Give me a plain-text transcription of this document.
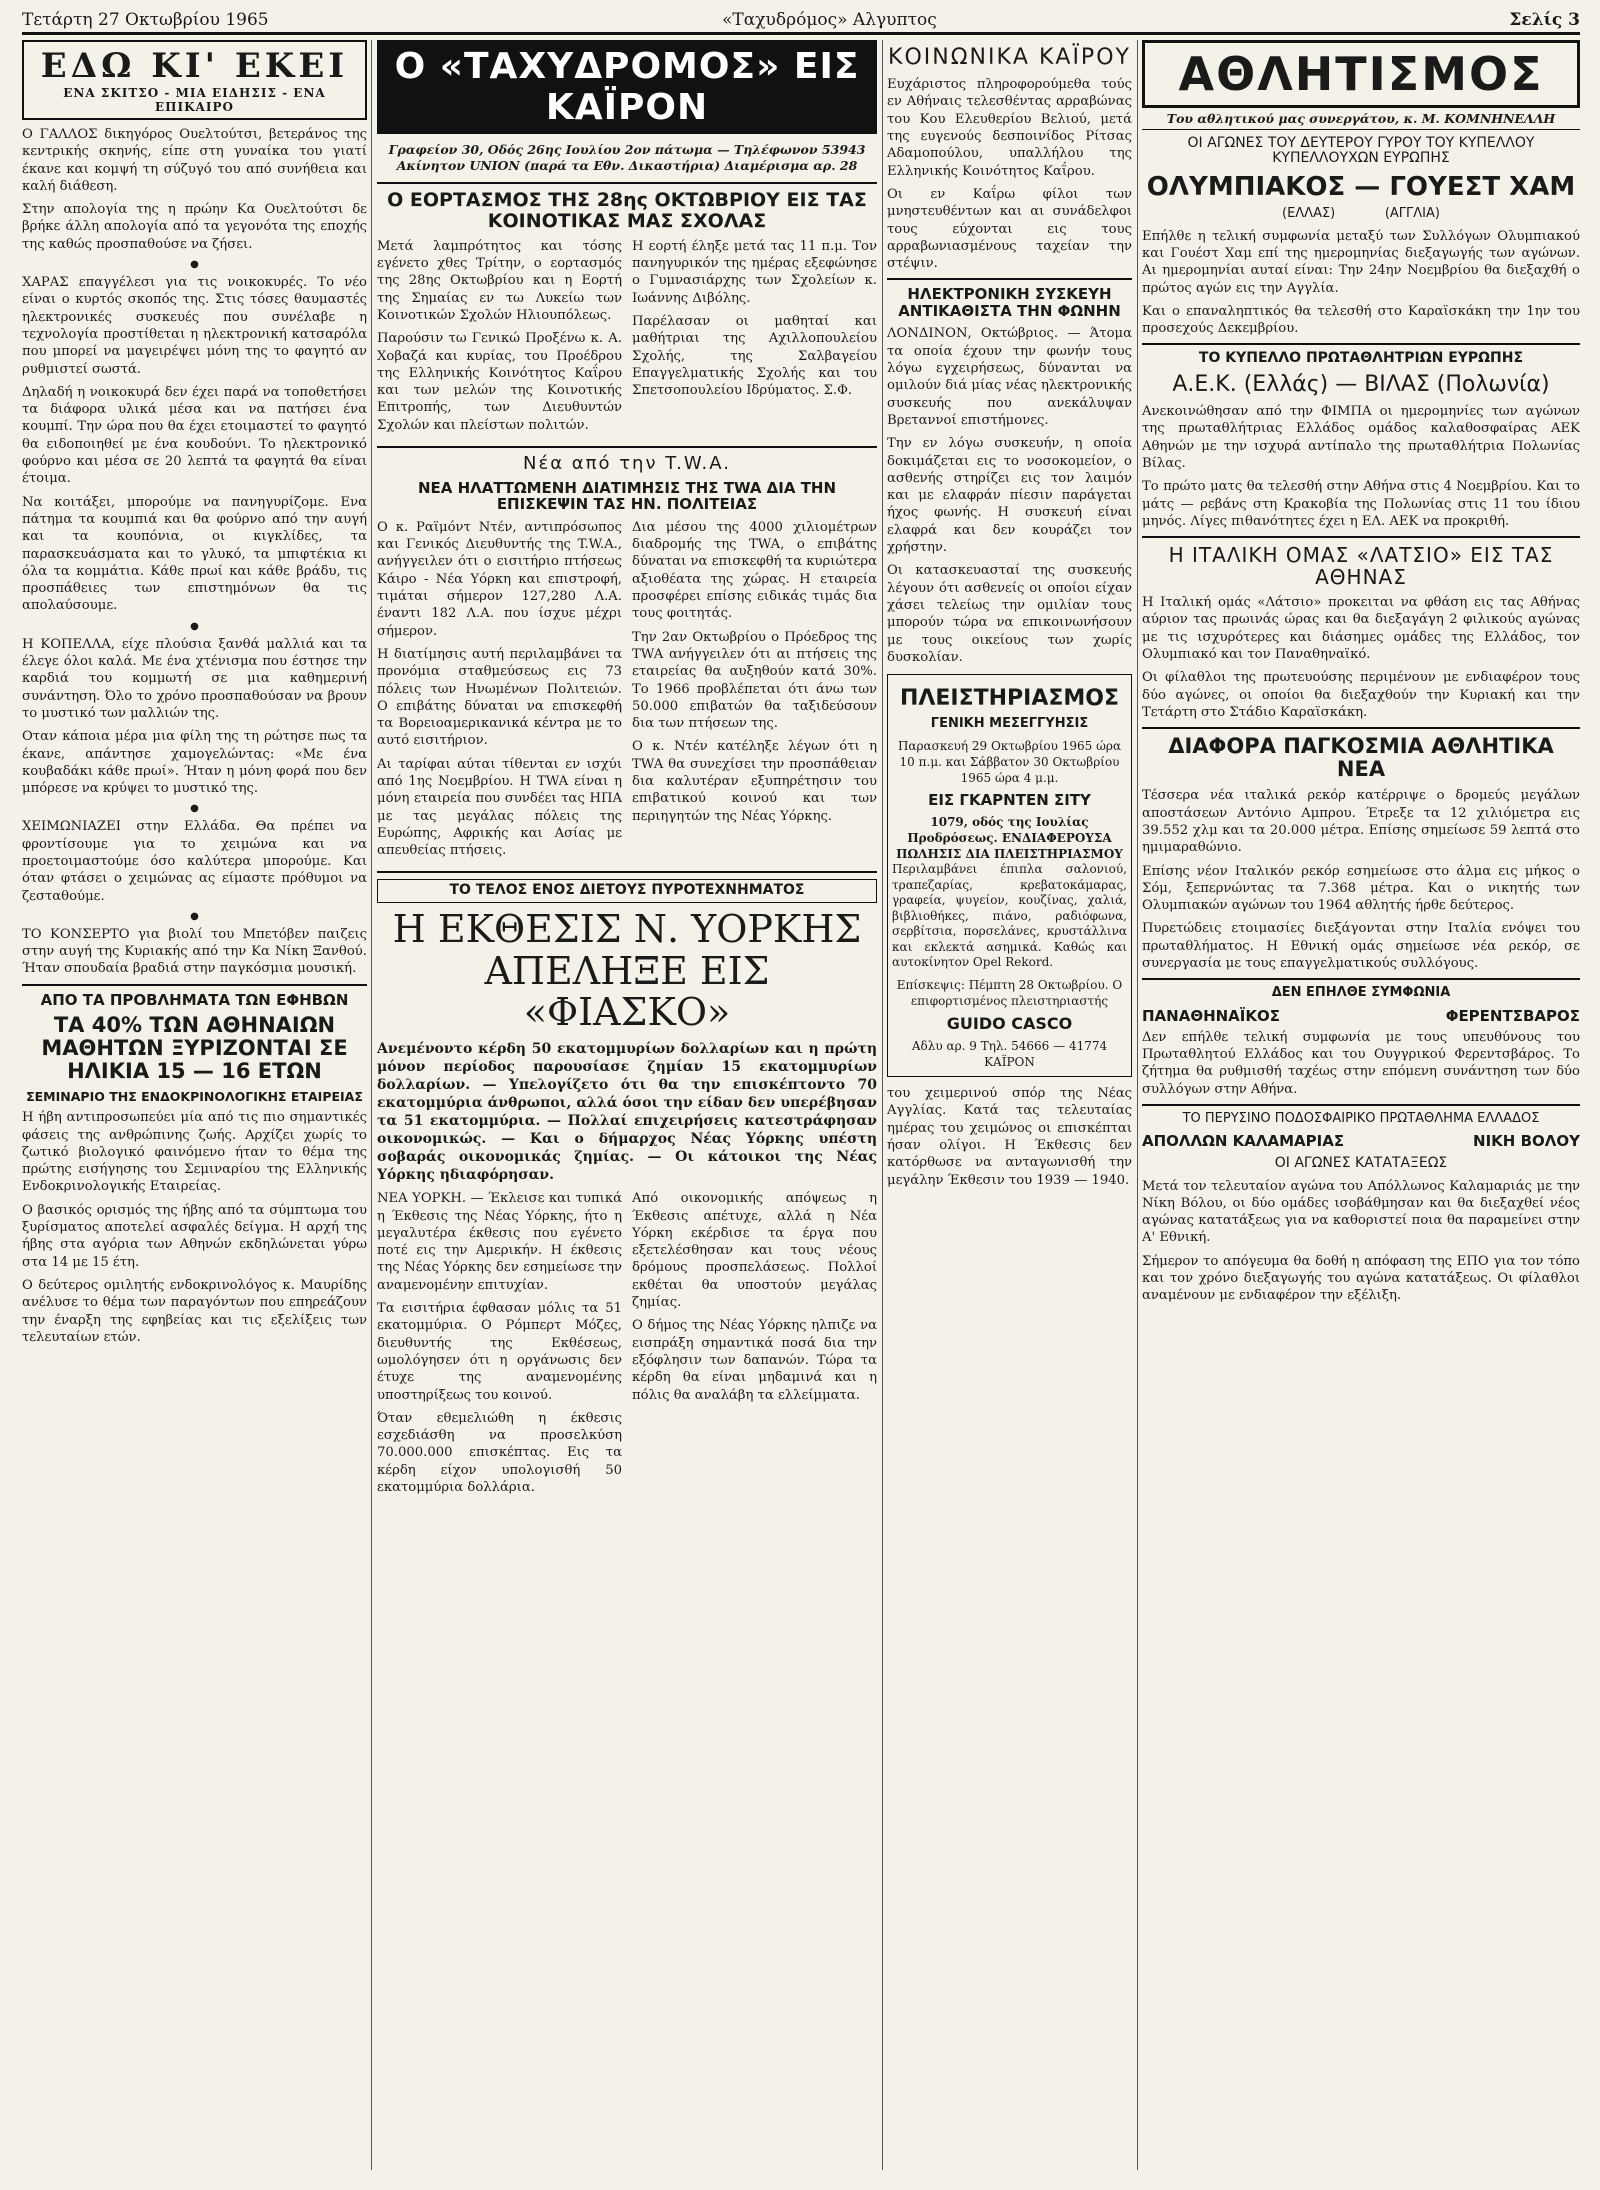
Τετάρτη 27 Οκτωβρίου 1965	«Ταχυδρόμος» Αλγυπτος	Σελίς 3
ΕΔΩ ΚΙ' ΕΚΕΙ
ΕΝΑ ΣΚΙΤΣΟ - ΜΙΑ ΕΙΔΗΣΙΣ - ΕΝΑ ΕΠΙΚΑΙΡΟ

Ο ΓΑΛΛΟΣ δικηγόρος Ουελτούτσι, βετεράνος της κεντρικής σκηνής, είπε στη γυναίκα του γιατί έκανε και κομψή τη σύζυγό του από συνήθεια και καλή διάθεση.

Στην απολογία της η πρώην Κα Ουελτούτσι δε βρήκε άλλη απολογία από τα γεγονότα της εποχής της καθώς προσπαθούσε να ζήσει.

●

ΧΑΡΑΣ επαγγέλεσι για τις νοικοκυρές. Το νέο είναι ο κυρτός σκοπός της. Στις τόσες θαυμαστές ηλεκτρονικές συσκευές που συνέλαβε η τεχνολογία προστίθεται η ηλεκτρονική κατσαρόλα που μπορεί να μαγειρέψει μόνη της το φαγητό αν ρυθμιστεί σωστά.

Δηλαδή η νοικοκυρά δεν έχει παρά να τοποθετήσει τα διάφορα υλικά μέσα και να πατήσει ένα κουμπί. Την ώρα που θα έχει ετοιμαστεί το φαγητό θα ειδοποιηθεί με ένα κουδούνι. Το ηλεκτρονικό φούρνο και μέσα σε 20 λεπτά τα φαγητά θα είναι έτοιμα.

Να κοιτάξει, μπορούμε να πανηγυρίζομε. Ενα πάτημα τα κουμπιά και θα φούρνο από την αυγή και τα κουπόνια, οι κιγκλίδες, τα παρασκευάσματα και το γλυκό, τα μπιφτέκια κι όλα τα κομμάτια. Κάθε πρωί και κάθε βράδυ, τις προσπάθειες των επιστημόνων θα τις απολαύσουμε.

●

Η ΚΟΠΕΛΛΑ, είχε πλούσια ξανθά μαλλιά και τα έλεγε όλοι καλά. Με ένα χτένισμα που έστησε την καρδιά του κομμωτή σε μια καθημερινή συνάντηση. Όλο το χρόνο προσπαθούσαν να βρουν το μυστικό των μαλλιών της.

Οταν κάποια μέρα μια φίλη της τη ρώτησε πως τα έκανε, απάντησε χαμογελώντας: «Με ένα κουβαδάκι κάθε πρωί». Ήταν η μόνη φορά που δεν μπόρεσε να κρύψει το μυστικό της.

●

ΧΕΙΜΩΝΙΑΖΕΙ στην Ελλάδα. Θα πρέπει να φροντίσουμε για το χειμώνα και να προετοιμαστούμε όσο καλύτερα μπορούμε. Και όταν φτάσει ο χειμώνας ας είμαστε πρόθυμοι να ζεσταθούμε.

●

ΤΟ ΚΟΝΣΕΡΤΟ για βιολί του Μπετόβεν παιζεις στην αυγή της Κυριακής από την Κα Νίκη Ξανθού. Ήταν σπουδαία βραδιά στην παγκόσμια μουσική.

ΑΠΟ ΤΑ ΠΡΟΒΛΗΜΑΤΑ ΤΩΝ ΕΦΗΒΩΝ
ΤΑ 40% ΤΩΝ ΑΘΗΝΑΙΩΝ ΜΑΘΗΤΩΝ ΞΥΡΙΖΟΝΤΑΙ ΣΕ ΗΛΙΚΙΑ 15 — 16 ΕΤΩΝ
ΣΕΜΙΝΑΡΙΟ ΤΗΣ ΕΝΔΟΚΡΙΝΟΛΟΓΙΚΗΣ ΕΤΑΙΡΕΙΑΣ

Η ήβη αντιπροσωπεύει μία από τις πιο σημαντικές φάσεις της ανθρώπινης ζωής. Αρχίζει χωρίς το ζωτικό βιολογικό φαινόμενο ήταν το θέμα της πρώτης εισήγησης του Σεμιναρίου της Ελληνικής Ενδοκρινολογικής Εταιρείας.

Ο βασικός ορισμός της ήβης από τα σύμπτωμα του ξυρίσματος αποτελεί ασφαλές δείγμα. Η αρχή της ήβης στα αγόρια των Αθηνών εκδηλώνεται γύρω στα 14 με 15 έτη.

Ο δεύτερος ομιλητής ενδοκρινολόγος κ. Μαυρίδης ανέλυσε το θέμα των παραγόντων που επηρεάζουν την έναρξη της εφηβείας και τις εξελίξεις των τελευταίων ετών.

Ο «ΤΑΧΥΔΡΟΜΟΣ» ΕΙΣ ΚΑΪΡΟΝ
Γραφείον 30, Οδός 26ης Ιουλίου 2ον πάτωμα — Τηλέφωνον 53943
Ακίνητον UNION (παρά τα Εθν. Δικαστήρια) Διαμέρισμα αρ. 28
Ο ΕΟΡΤΑΣΜΟΣ ΤΗΣ 28ης ΟΚΤΩΒΡΙΟΥ ΕΙΣ ΤΑΣ ΚΟΙΝΟΤΙΚΑΣ ΜΑΣ ΣΧΟΛΑΣ

Μετά λαμπρότητος και τόσης εγένετο χθες Τρίτην, ο εορτασμός της 28ης Οκτωβρίου και η Εορτή της Σημαίας εν τω Λυκείω των Κοινοτικών Σχολών Ηλιουπόλεως.

Παρούσιν τω Γενικώ Προξένω κ. Α. Χοβαζά και κυρίας, του Προέδρου της Ελληνικής Κοινότητος Καΐρου και των μελών της Κοινοτικής Επιτροπής, των Διευθυντών Σχολών και πλείστων πολιτών.

Η εορτή έληξε μετά τας 11 π.μ. Τον πανηγυρικόν της ημέρας εξεφώνησε ο Γυμνασιάρχης των Σχολείων κ. Ιωάννης Διβόλης.

Παρέλασαν οι μαθηταί και μαθήτριαι της Αχιλλοπουλείου Σχολής, της Σαλβαγείου Επαγγελματικής Σχολής και του Σπετσοπουλείου Ιδρύματος. Σ.Φ.

Νέα από την T.W.A.
ΝΕΑ ΗΛΑΤΤΩΜΕΝΗ ΔΙΑΤΙΜΗΣΙΣ ΤΗΣ TWA ΔΙΑ ΤΗΝ ΕΠΙΣΚΕΨΙΝ ΤΑΣ ΗΝ. ΠΟΛΙΤΕΙΑΣ

Ο κ. Ραϊμόντ Ντέν, αντιπρόσωπος και Γενικός Διευθυντής της T.W.A., ανήγγειλεν ότι ο εισιτήριο πτήσεως Κάιρο - Νέα Υόρκη και επιστροφή, τιμάται σήμερον 127,280 Λ.Α. έναντι 182 Λ.Α. που ίσχυε μέχρι σήμερον.

Η διατίμησις αυτή περιλαμβάνει τα προνόμια σταθμεύσεως εις 73 πόλεις των Ηνωμένων Πολιτειών. Ο επιβάτης δύναται να επισκεφθή τα Βορειοαμερικανικά κέντρα με το αυτό εισιτήριον.

Αι ταρίφαι αύται τίθενται εν ισχύι από 1ης Νοεμβρίου. Η TWA είναι η μόνη εταιρεία που συνδέει τας ΗΠΑ με τας μεγάλας πόλεις της Ευρώπης, Αφρικής και Ασίας με απευθείας πτήσεις.

Δια μέσου της 4000 χιλιομέτρων διαδρομής της TWA, ο επιβάτης δύναται να επισκεφθή τα κυριώτερα αξιοθέατα της χώρας. Η εταιρεία προσφέρει επίσης ειδικάς τιμάς δια τους φοιτητάς.

Την 2αν Οκτωβρίου ο Πρόεδρος της TWA ανήγγειλεν ότι αι πτήσεις της εταιρείας θα αυξηθούν κατά 30%. Το 1966 προβλέπεται ότι άνω των 50.000 επιβατών θα ταξιδεύσουν δια των πτήσεων της.

Ο κ. Ντέν κατέληξε λέγων ότι η TWA θα συνεχίσει την προσπάθειαν δια καλυτέραν εξυπηρέτησιν του επιβατικού κοινού και των περιηγητών της Νέας Υόρκης.

ΤΟ ΤΕΛΟΣ ΕΝΟΣ ΔΙΕΤΟΥΣ ΠΥΡΟΤΕΧΝΗΜΑΤΟΣ
Η ΕΚΘΕΣΙΣ Ν. ΥΟΡΚΗΣ ΑΠΕΛΗΞΕ ΕΙΣ «ΦΙΑΣΚΟ»

Ανεμένοντο κέρδη 50 εκατομμυρίων δολλαρίων και η πρώτη μόνον περίοδος παρουσίασε ζημίαν 15 εκατομμυρίων δολλαρίων. — Υπελογίζετο ότι θα την επισκέπτοντο 70 εκατομμύρια άνθρωποι, αλλά όσοι την είδαν δεν υπερέβησαν τα 51 εκατομμύρια. — Πολλαί επιχειρήσεις κατεστράφησαν οικονομικώς. — Και ο δήμαρχος Νέας Υόρκης υπέστη σοβαράς οικονομικάς ζημίας. — Οι κάτοικοι της Νέας Υόρκης ηδιαφόρησαν.

ΝΕΑ ΥΟΡΚΗ. — Έκλεισε και τυπικά η Έκθεσις της Νέας Υόρκης, ήτο η μεγαλυτέρα έκθεσις που εγένετο ποτέ εις την Αμερικήν. Η έκθεσις της Νέας Υόρκης δεν εσημείωσε την αναμενομένην επιτυχίαν.

Τα εισιτήρια έφθασαν μόλις τα 51 εκατομμύρια. Ο Ρόμπερτ Μόζες, διευθυντής της Εκθέσεως, ωμολόγησεν ότι η οργάνωσις δεν έτυχε της αναμενομένης υποστηρίξεως του κοινού.

Όταν εθεμελιώθη η έκθεσις εσχεδιάσθη να προσελκύση 70.000.000 επισκέπτας. Εις τα κέρδη είχον υπολογισθή 50 εκατομμύρια δολλάρια.

Από οικονομικής απόψεως η Έκθεσις απέτυχε, αλλά η Νέα Υόρκη εκέρδισε τα έργα που εξετελέσθησαν και τους νέους δρόμους προσπελάσεως. Πολλοί εκθέται θα υποστούν μεγάλας ζημίας.

Ο δήμος της Νέας Υόρκης ηλπιζε να εισπράξη σημαντικά ποσά δια την εξόφλησιν των δαπανών. Τώρα τα κέρδη θα είναι μηδαμινά και η πόλις θα αναλάβη τα ελλείμματα.

ΚΟΙΝΩΝΙΚΑ ΚΑΪΡΟΥ

Ευχάριστος πληροφορούμεθα τούς εν Αθήναις τελεσθέντας αρραβώνας του Κου Ελευθερίου Βελιού, μετά της ευγενούς δεσποινίδος Ρίτσας Αδαμοπούλου, υπαλλήλου της Ελληνικής Κοινότητος Καΐρου.

Οι εν Καΐρω φίλοι των μνηστευθέντων και αι συνάδελφοι τους εύχονται εις τους αρραβωνιασμένους ταχείαν την στέψιν.

ΗΛΕΚΤΡΟΝΙΚΗ ΣΥΣΚΕΥΗ ΑΝΤΙΚΑΘΙΣΤΑ ΤΗΝ ΦΩΝΗΝ

ΛΟΝΔΙΝΟΝ, Οκτώβριος. — Άτομα τα οποία έχουν την φωνήν τους λόγω εγχειρήσεως, δύνανται να ομιλούν διά μίας νέας ηλεκτρονικής συσκευής που ανεκάλυψαν Βρεταννοί επιστήμονες.

Την εν λόγω συσκευήν, η οποία δοκιμάζεται εις το νοσοκομείον, ο ασθενής στηρίζει εις τον λαιμόν και με ελαφράν πίεσιν παράγεται ήχος φωνής. Η συσκευή είναι ελαφρά και δεν κουράζει τον χρήστην.

Οι κατασκευασταί της συσκευής λέγουν ότι ασθενείς οι οποίοι είχαν χάσει τελείως την ομιλίαν τους μπορούν τώρα να επικοινωνήσουν με τους οικείους των χωρίς δυσκολίαν.

ΠΛΕΙΣΤΗΡΙΑΣΜΟΣ
ΓΕΝΙΚΗ ΜΕΣΕΓΓΥΗΣΙΣ
Παρασκευή 29 Οκτωβρίου 1965 ώρα 10 π.μ. και Σάββατον 30 Οκτωβρίου 1965 ώρα 4 μ.μ.
ΕΙΣ ΓΚΑΡΝΤΕΝ ΣΙΤΥ
1079, οδός της Ιουλίας Προδρόσεως. ΕΝΔΙΑΦΕΡΟΥΣΑ ΠΩΛΗΣΙΣ ΔΙΑ ΠΛΕΙΣΤΗΡΙΑΣΜΟΥ

Περιλαμβάνει έπιπλα σαλονιού, τραπεζαρίας, κρεβατοκάμαρας, γραφεία, ψυγείον, κουζίνας, χαλιά, βιβλιοθήκες, πιάνο, ραδιόφωνα, σερβίτσια, πορσελάνες, κρυστάλλινα και εκλεκτά ασημικά. Καθώς και αυτοκίνητον Opel Rekord.

Επίσκεψις: Πέμπτη 28 Οκτωβρίου. Ο επιφορτισμένος πλειστηριαστής
GUIDO CASCO
Αδλυ αρ. 9 Τηλ. 54666 — 41774 ΚΑΪΡΟΝ

του χειμερινού σπόρ της Νέας Αγγλίας. Κατά τας τελευταίας ημέρας του χειμώνος οι επισκέπται ήσαν ολίγοι. Η Έκθεσις δεν κατόρθωσε να ανταγωνισθή την μεγάλην Έκθεσιν του 1939 — 1940.

ΑΘΛΗΤΙΣΜΟΣ
Του αθλητικού μας συνεργάτου, κ. Μ. ΚΟΜΝΗΝΕΛΛΗ
ΟΙ ΑΓΩΝΕΣ ΤΟΥ ΔΕΥΤΕΡΟΥ ΓΥΡΟΥ ΤΟΥ ΚΥΠΕΛΛΟΥ ΚΥΠΕΛΛΟΥΧΩΝ ΕΥΡΩΠΗΣ
ΟΛΥΜΠΙΑΚΟΣ — ΓΟΥΕΣΤ ΧΑΜ
(ΕΛΛΑΣ)            (ΑΓΓΛΙΑ)

Επήλθε η τελική συμφωνία μεταξύ των Συλλόγων Ολυμπιακού και Γουέστ Χαμ επί της ημερομηνίας διεξαγωγής των αγώνων. Αι ημερομηνίαι αυταί είναι: Την 24ην Νοεμβρίου θα διεξαχθή ο πρώτος αγών εις την Αγγλία.

Και ο επαναληπτικός θα τελεσθή στο Καραϊσκάκη την 1ην του προσεχούς Δεκεμβρίου.

ΤΟ ΚΥΠΕΛΛΟ ΠΡΩΤΑΘΛΗΤΡΙΩΝ ΕΥΡΩΠΗΣ
Α.Ε.Κ. (Ελλάς) — ΒΙΛΑΣ (Πολωνία)

Ανεκοινώθησαν από την ΦΙΜΠΑ οι ημερομηνίες των αγώνων της πρωταθλήτριας Ελλάδος ομάδος καλαθοσφαίρας ΑΕΚ Αθηνών με την ισχυρά αντίπαλο της πρωταθλήτρια Πολωνίας Βίλας.

Το πρώτο ματς θα τελεσθή στην Αθήνα στις 4 Νοεμβρίου. Και το μάτς — ρεβάνς στη Κρακοβία της Πολωνίας στις 11 του ίδιου μηνός. Λίγες πιθανότητες έχει η ΕΛ. ΑΕΚ να προκριθή.

Η ΙΤΑΛΙΚΗ ΟΜΑΣ «ΛΑΤΣΙΟ» ΕΙΣ ΤΑΣ ΑΘΗΝΑΣ

Η Ιταλική ομάς «Λάτσιο» προκειται να φθάση εις τας Αθήνας αύριον τας πρωινάς ώρας και θα διεξαγάγη 2 φιλικούς αγώνας με τις ισχυρότερες και διάσημες ομάδες της Ελλάδος, τον Ολυμπιακό και τον Παναθηναϊκό.

Οι φίλαθλοι της πρωτευούσης περιμένουν με ενδιαφέρον τους δύο αγώνες, οι οποίοι θα διεξαχθούν την Κυριακή και την Τετάρτη στο Στάδιο Καραϊσκάκη.

ΔΙΑΦΟΡΑ ΠΑΓΚΟΣΜΙΑ ΑΘΛΗΤΙΚΑ ΝΕΑ

Τέσσερα νέα ιταλικά ρεκόρ κατέρριψε ο δρομεύς μεγάλων αποστάσεων Αντόνιο Αμπρου. Έτρεξε τα 12 χιλιόμετρα εις 39.552 χλμ και τα 20.000 μέτρα. Επίσης σημείωσε 59 λεπτά στο ημιμαραθώνιο.

Επίσης νέον Ιταλικόν ρεκόρ εσημείωσε στο άλμα εις μήκος ο Σόμ, ξεπερνώντας τα 7.368 μέτρα. Και ο νικητής των Ολυμπιακών αγώνων του 1964 αθλητής ήρθε δεύτερος.

Πυρετώδεις ετοιμασίες διεξάγονται στην Ιταλία ενόψει του πρωταθλήματος. Η Εθνική ομάς σημείωσε νέα ρεκόρ, σε συνεργασία με τους επαγγελματικούς συλλόγους.

ΔΕΝ ΕΠΗΛΘΕ ΣΥΜΦΩΝΙΑ
ΠΑΝΑΘΗΝΑΪΚΟΣ	ΦΕΡΕΝΤΣΒΑΡΟΣ

Δεν επήλθε τελική συμφωνία με τους υπευθύνους του Πρωταθλητού Ελλάδος και του Ουγγρικού Φερεντσβάρος. Το ζήτημα θα ρυθμισθή ταχέως στην επόμενη συνάντηση των δύο συλλόγων στην Αθήνα.

ΤΟ ΠΕΡΥΣΙΝΟ ΠΟΔΟΣΦΑΙΡΙΚΟ ΠΡΩΤΑΘΛΗΜΑ ΕΛΛΑΔΟΣ
ΑΠΟΛΛΩΝ ΚΑΛΑΜΑΡΙΑΣ	ΝΙΚΗ ΒΟΛΟΥ
ΟΙ ΑΓΩΝΕΣ ΚΑΤΑΤΑΞΕΩΣ

Μετά τον τελευταίον αγώνα του Απόλλωνος Καλαμαριάς με την Νίκη Βόλου, οι δύο ομάδες ισοβάθμησαν και θα διεξαχθεί νέος αγώνας κατατάξεως για να καθοριστεί ποια θα παραμείνει στην Α' Εθνική.

Σήμερον το απόγευμα θα δοθή η απόφαση της ΕΠΟ για τον τόπο και τον χρόνο διεξαγωγής του αγώνα κατατάξεως. Οι φίλαθλοι αναμένουν με ενδιαφέρον την εξέλιξη.
